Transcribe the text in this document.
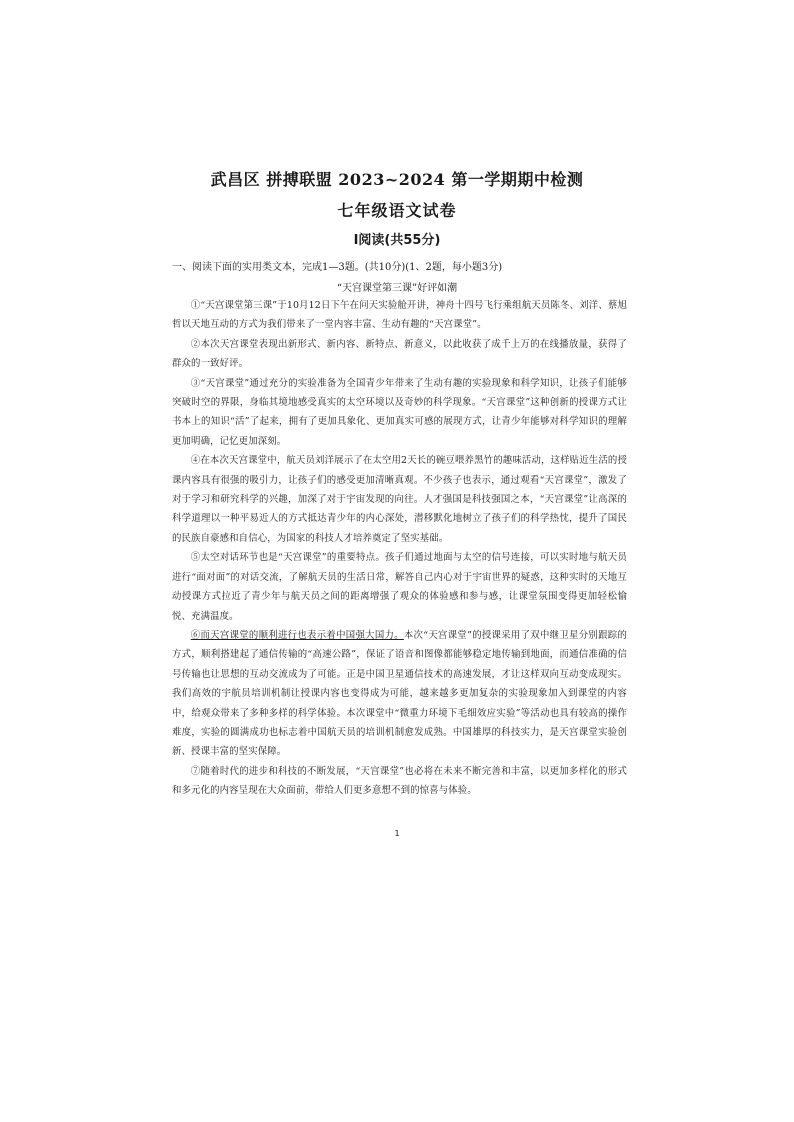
武昌区 拼搏联盟 2023~2024 第一学期期中检测
七年级语文试卷
Ⅰ阅读(共55分)
一、阅读下面的实用类文本，完成1—3题。(共10分)(1、2题，每小题3分)
“天宫课堂第三课”好评如潮

①“天宫课堂第三课”于10月12日下午在问天实验舱开讲，神舟十四号飞行乘组航天员陈冬、刘洋、蔡旭哲以天地互动的方式为我们带来了一堂内容丰富、生动有趣的“天宫课堂”。

②本次天宫课堂表现出新形式、新内容、新特点、新意义，以此收获了成千上万的在线播放量，获得了群众的一致好评。

③“天宫课堂”通过充分的实验准备为全国青少年带来了生动有趣的实验现象和科学知识，让孩子们能够突破时空的界限，身临其境地感受真实的太空环境以及奇妙的科学现象。“天宫课堂”这种创新的授课方式让书本上的知识“活”了起来，拥有了更加具象化、更加真实可感的展现方式，让青少年能够对科学知识的理解更加明确，记忆更加深刻。

④在本次天宫课堂中，航天员刘洋展示了在太空用2天长的碗豆喂养黑竹的趣味活动，这样贴近生活的授课内容具有很强的吸引力，让孩子们的感受更加清晰真观。不少孩子也表示，通过观看“天宫课堂”，激发了对于学习和研究科学的兴趣，加深了对于宇宙发现的向往。人才强国是科技强国之本，“天宫课堂”让高深的科学道理以一种平易近人的方式抵达青少年的内心深处，潜移默化地树立了孩子们的科学热忱，提升了国民的民族自豪感和自信心，为国家的科技人才培养奠定了坚实基础。

⑤太空对话环节也是“天宫课堂”的重要特点。孩子们通过地面与太空的信号连接，可以实时地与航天员进行“面对面”的对话交流，了解航天员的生活日常，解答自己内心对于宇宙世界的疑惑，这种实时的天地互动授课方式拉近了青少年与航天员之间的距离增强了观众的体验感和参与感，让课堂氛围变得更加轻松愉悦、充满温度。

⑥而天宫课堂的顺利进行也表示着中国强大国力。本次“天宫课堂”的授课采用了双中继卫星分别跟踪的方式，顺利搭建起了通信传输的“高速公路”，保证了语音和图像都能够稳定地传输到地面，而通信准确的信号传输也让思想的互动交流成为了可能。正是中国卫星通信技术的高速发展，才让这样双向互动变成现实。我们高效的宇航员培训机制让授课内容也变得成为可能，越来越多更加复杂的实验现象加入到课堂的内容中，给观众带来了多种多样的科学体验。本次课堂中“微重力环境下毛细效应实验”等活动也具有较高的操作难度，实验的圆满成功也标志着中国航天员的培训机制愈发成熟。中国雄厚的科技实力，是天宫课堂实验创新、授课丰富的坚实保障。

⑦随着时代的进步和科技的不断发展，“天宫课堂”也必将在未来不断完善和丰富，以更加多样化的形式和多元化的内容呈现在大众面前，带给人们更多意想不到的惊喜与体验。

1
